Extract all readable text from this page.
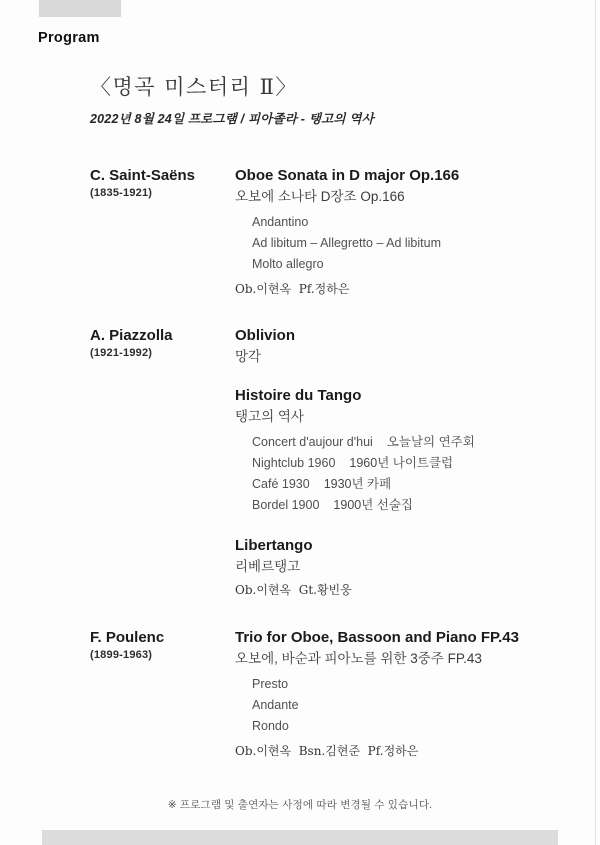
Program
〈명곡 미스터리 Ⅱ〉
2022년 8월 24일 프로그램 / 피아졸라 - 탱고의 역사
C. Saint-Saëns
(1835-1921)
Oboe Sonata in D major Op.166
오보에 소나타 D장조 Op.166
Andantino
Ad libitum – Allegretto – Ad libitum
Molto allegro
Ob.이현옥  Pf.정하은
A. Piazzolla
(1921-1992)
Oblivion
망각
Histoire du Tango
탱고의 역사
Concert d'aujour d'hui 오늘날의 연주회
Nightclub 1960 1960년 나이트클럽
Café 1930 1930년 카페
Bordel 1900 1900년 선술집
Libertango
리베르탱고
Ob.이현옥  Gt.황빈웅
F. Poulenc
(1899-1963)
Trio for Oboe, Bassoon and Piano FP.43
오보에, 바순과 피아노를 위한 3중주 FP.43
Presto
Andante
Rondo
Ob.이현옥  Bsn.김현준  Pf.정하은
※ 프로그램 및 출연자는 사정에 따라 변경될 수 있습니다.
